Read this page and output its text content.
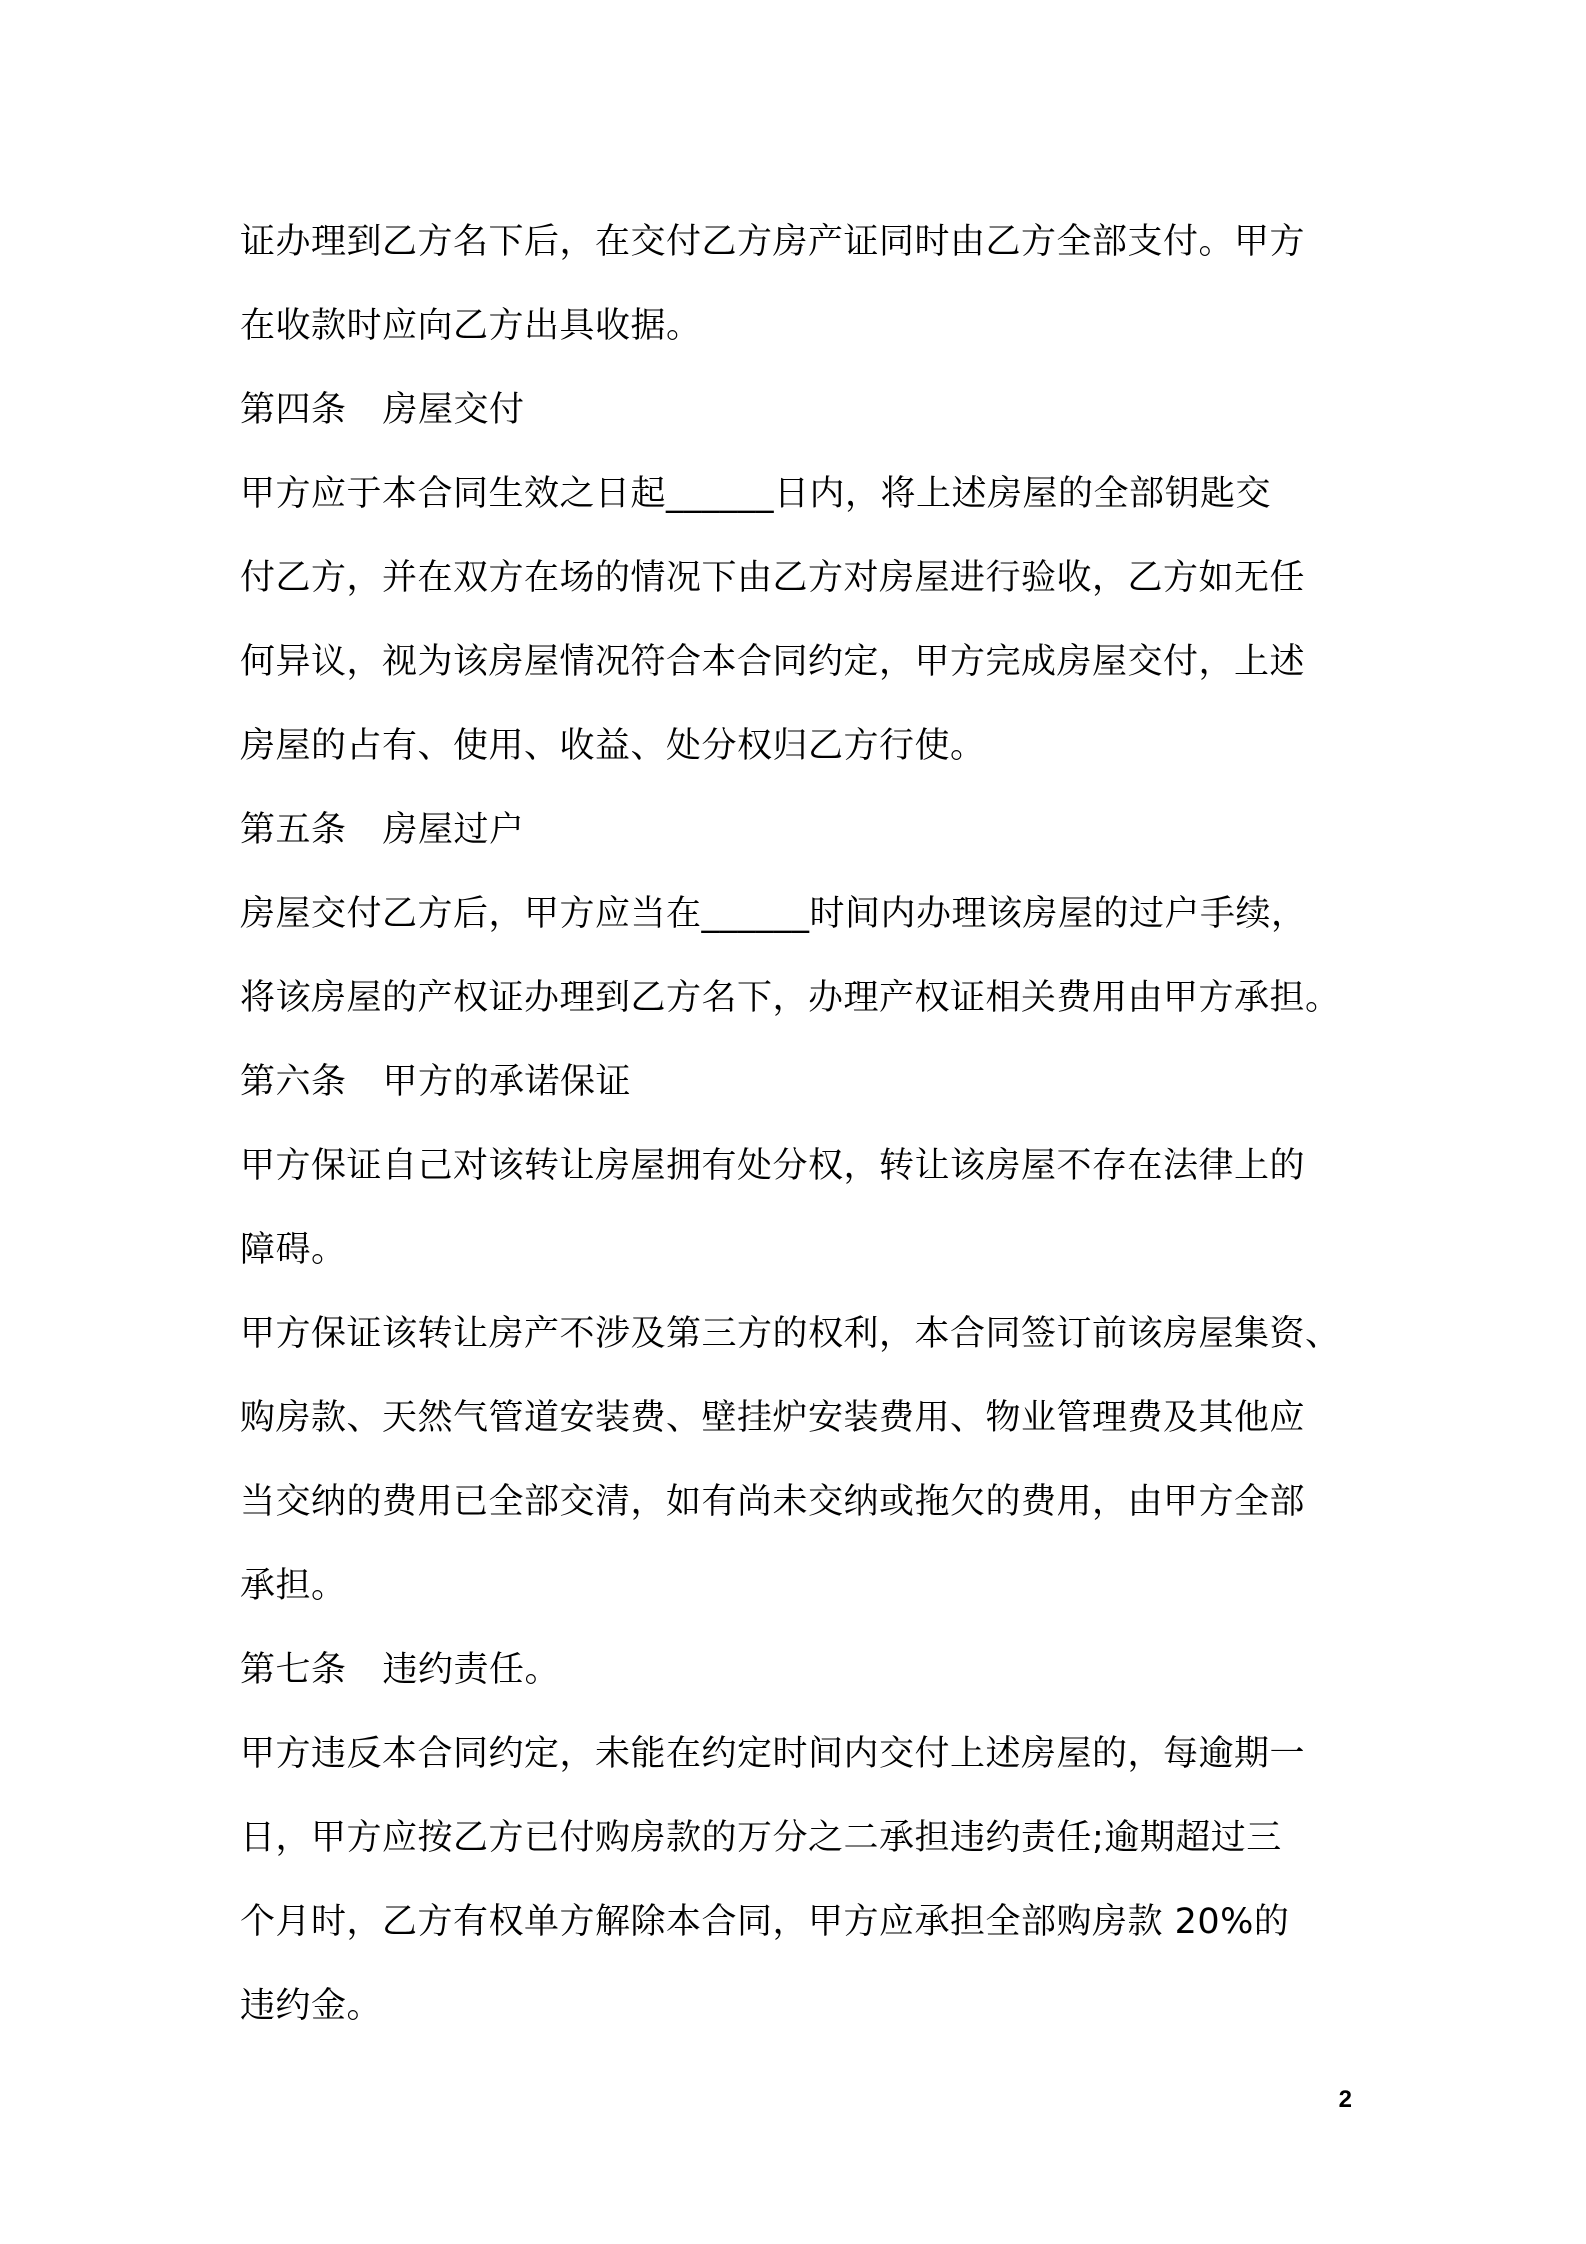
证办理到乙方名下后，在交付乙方房产证同时由乙方全部支付。甲方
在收款时应向乙方出具收据。
第四条 房屋交付
甲方应于本合同生效之日起______日内，将上述房屋的全部钥匙交
付乙方，并在双方在场的情况下由乙方对房屋进行验收，乙方如无任
何异议，视为该房屋情况符合本合同约定，甲方完成房屋交付，上述
房屋的占有、使用、收益、处分权归乙方行使。
第五条 房屋过户
房屋交付乙方后，甲方应当在______时间内办理该房屋的过户手续，
将该房屋的产权证办理到乙方名下，办理产权证相关费用由甲方承担。
第六条 甲方的承诺保证
甲方保证自己对该转让房屋拥有处分权，转让该房屋不存在法律上的
障碍。
甲方保证该转让房产不涉及第三方的权利，本合同签订前该房屋集资、
购房款、天然气管道安装费、壁挂炉安装费用、物业管理费及其他应
当交纳的费用已全部交清，如有尚未交纳或拖欠的费用，由甲方全部
承担。
第七条 违约责任。
甲方违反本合同约定，未能在约定时间内交付上述房屋的，每逾期一
日，甲方应按乙方已付购房款的万分之二承担违约责任;逾期超过三
个月时，乙方有权单方解除本合同，甲方应承担全部购房款 20%的
违约金。
2
